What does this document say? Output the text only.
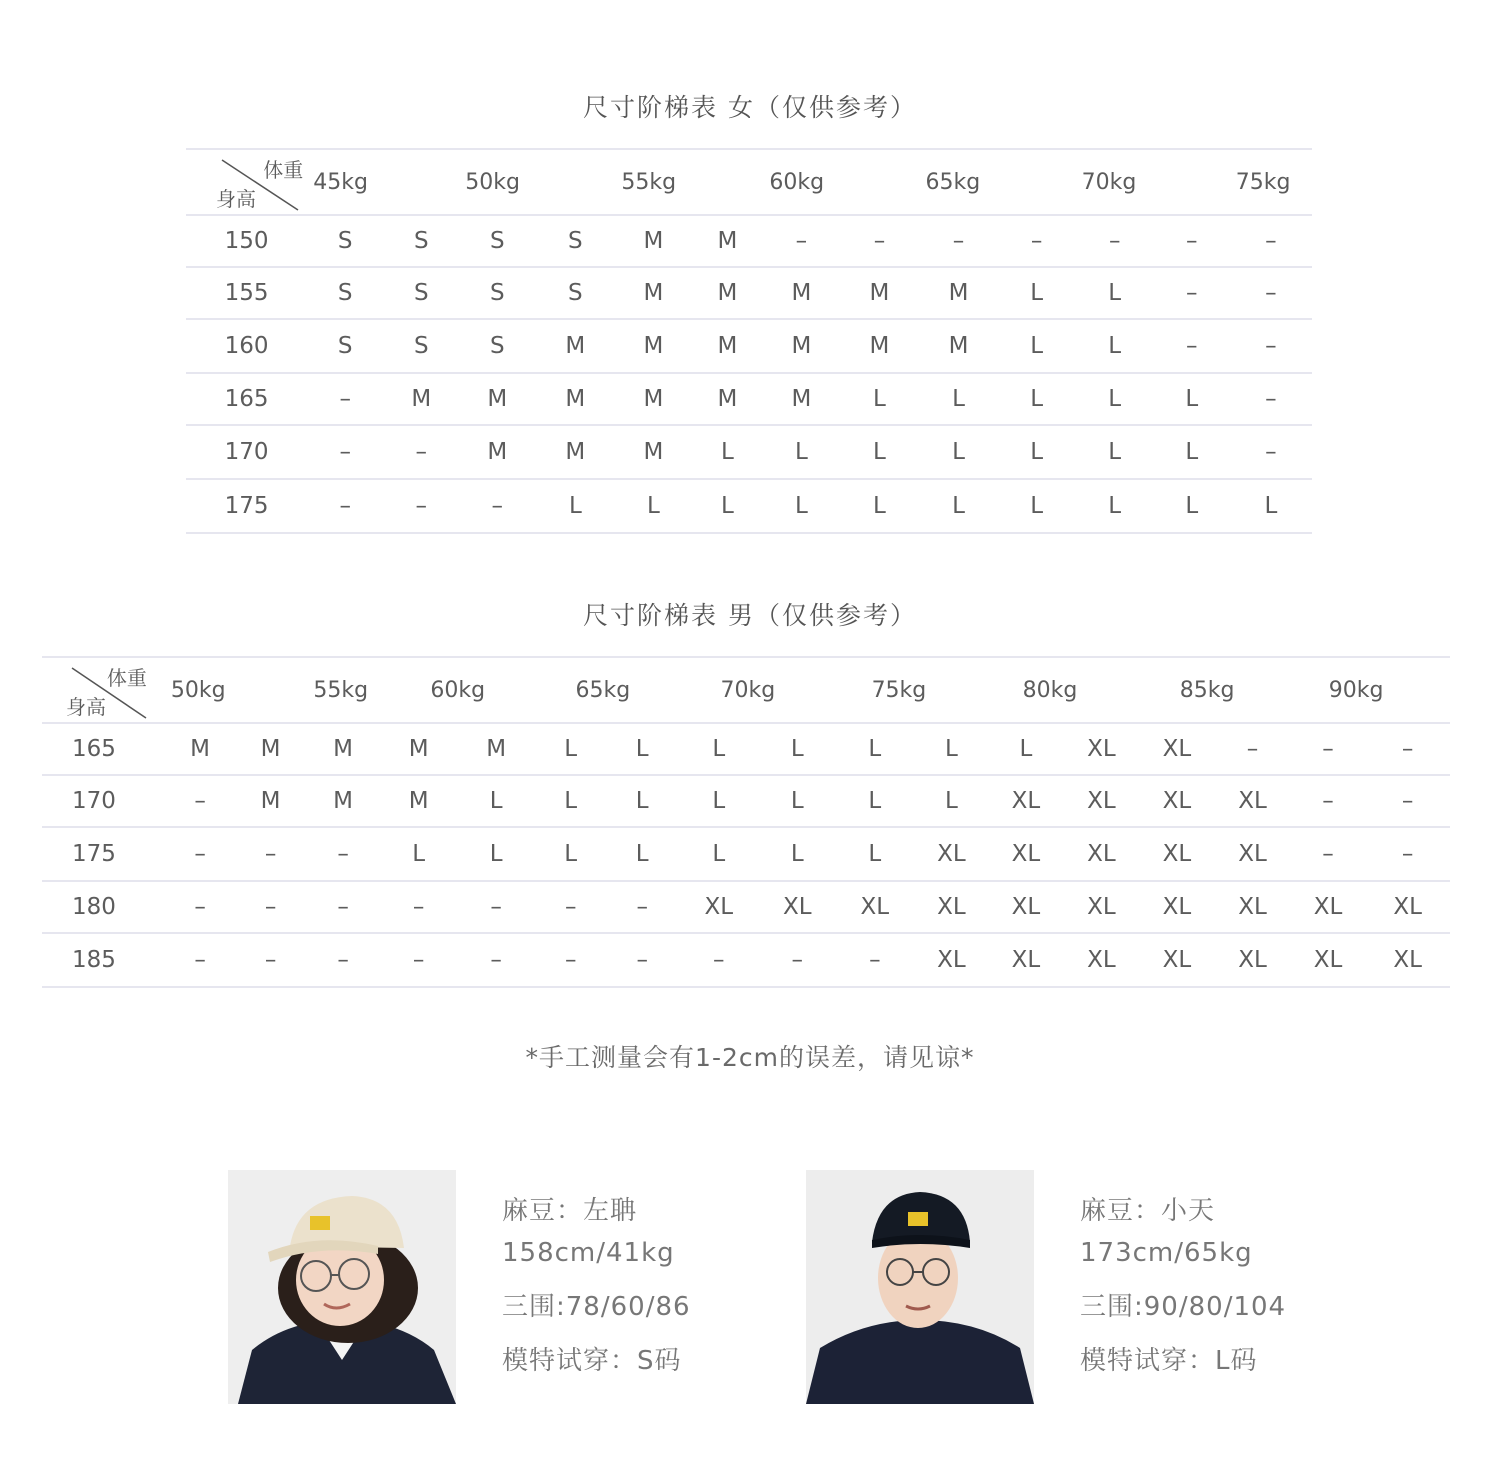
尺寸阶梯表 女（仅供参考）
体重
身高	45kg		50kg		55kg		60kg		65kg		70kg		75kg
150	S	S	S	S	M	M	–	–	–	–	–	–	–
155	S	S	S	S	M	M	M	M	M	L	L	–	–
160	S	S	S	M	M	M	M	M	M	L	L	–	–
165	–	M	M	M	M	M	M	L	L	L	L	L	–
170	–	–	M	M	M	L	L	L	L	L	L	L	–
175	–	–	–	L	L	L	L	L	L	L	L	L	L
尺寸阶梯表 男（仅供参考）
体重
身高	50kg	55kg		60kg		65kg		70kg		75kg		80kg		85kg		90kg	
165	M	M	M	M	M	L	L	L	L	L	L	L	XL	XL	–	–	–
170	–	M	M	M	L	L	L	L	L	L	L	XL	XL	XL	XL	–	–
175	–	–	–	L	L	L	L	L	L	L	XL	XL	XL	XL	XL	–	–
180	–	–	–	–	–	–	–	XL	XL	XL	XL	XL	XL	XL	XL	XL	XL
185	–	–	–	–	–	–	–	–	–	–	XL	XL	XL	XL	XL	XL	XL
*手工测量会有1-2cm的误差，请见谅*
麻豆：左聃
158cm/41kg
三围:78/60/86
模特试穿：S码
麻豆：小天
173cm/65kg
三围:90/80/104
模特试穿：L码
